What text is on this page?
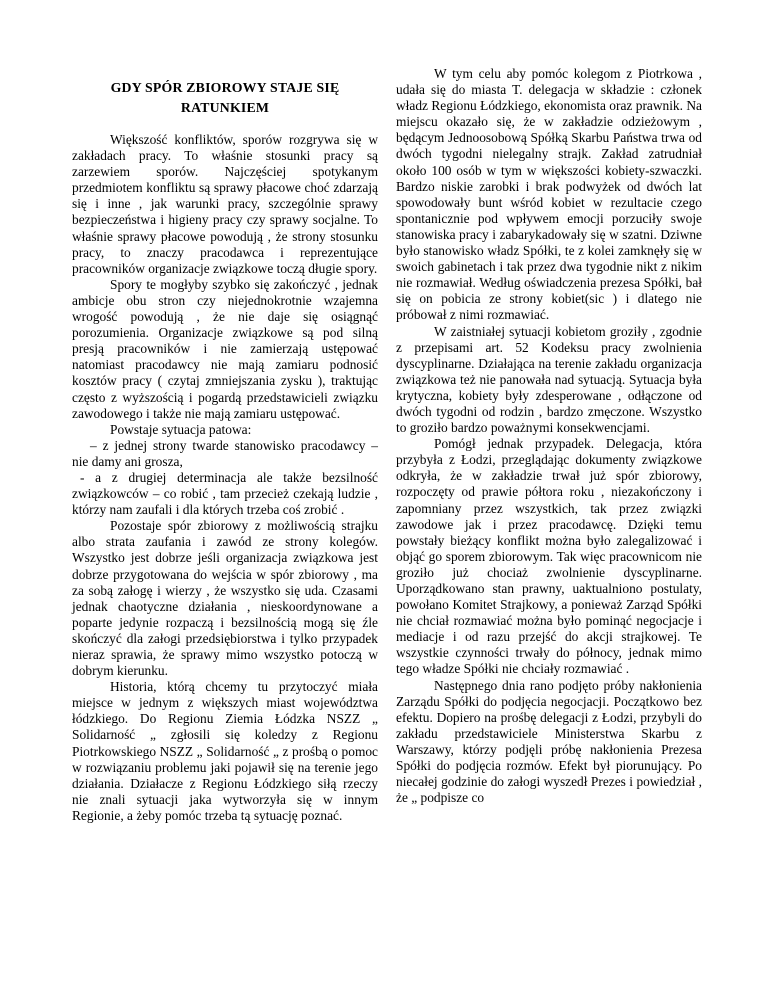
GDY SPÓR ZBIOROWY STAJE SIĘ
RATUNKIEM

Większość konfliktów, sporów rozgrywa się w zakładach pracy. To właśnie stosunki pracy są zarzewiem sporów. Najczęściej spotykanym przedmiotem konfliktu są sprawy płacowe choć zdarzają się i inne , jak warunki pracy, szczególnie sprawy bezpieczeństwa i higieny pracy czy sprawy socjalne. To właśnie sprawy płacowe powodują , że strony stosunku pracy, to znaczy pracodawca i reprezentujące pracowników organizacje związkowe toczą długie spory.

Spory te mogłyby szybko się zakończyć , jednak ambicje obu stron czy niejednokrotnie wzajemna wrogość powodują , że nie daje się osiągnąć porozumienia. Organizacje związkowe są pod silną presją pracowników i nie zamierzają ustępować natomiast pracodawcy nie mają zamiaru podnosić kosztów pracy ( czytaj zmniejszania zysku ), traktując często z wyższością i pogardą przedstawicieli związku zawodowego i także nie mają zamiaru ustępować.

Powstaje sytuacja patowa:

– z jednej strony twarde stanowisko pracodawcy – nie damy ani grosza,

- a z drugiej determinacja ale także bezsilność związkowców – co robić , tam przecież czekają ludzie , którzy nam zaufali i dla których trzeba coś zrobić .

Pozostaje spór zbiorowy z możliwością strajku albo strata zaufania i zawód ze strony kolegów. Wszystko jest dobrze jeśli organizacja związkowa jest dobrze przygotowana do wejścia w spór zbiorowy , ma za sobą załogę i wierzy , że wszystko się uda. Czasami jednak chaotyczne działania , nieskoordynowane a poparte jedynie rozpaczą i bezsilnością mogą się źle skończyć dla załogi przedsiębiorstwa i tylko przypadek nieraz sprawia, że sprawy mimo wszystko potoczą w dobrym kierunku.

Historia, którą chcemy tu przytoczyć miała miejsce w jednym z większych miast województwa łódzkiego. Do Regionu Ziemia Łódzka NSZZ „ Solidarność „ zgłosili się koledzy z Regionu Piotrkowskiego NSZZ „ Solidarność „ z prośbą o pomoc w rozwiązaniu problemu jaki pojawił się na terenie jego działania. Działacze z Regionu Łódzkiego siłą rzeczy nie znali sytuacji jaka wytworzyła się w innym Regionie, a żeby pomóc trzeba tą sytuację poznać.

W tym celu aby pomóc kolegom z Piotrkowa , udała się do miasta T. delegacja w składzie : członek władz Regionu Łódzkiego, ekonomista oraz prawnik. Na miejscu okazało się, że w zakładzie odzieżowym , będącym Jednoosobową Spółką Skarbu Państwa trwa od dwóch tygodni nielegalny strajk. Zakład zatrudniał około 100 osób w tym w większości kobiety-szwaczki. Bardzo niskie zarobki i brak podwyżek od dwóch lat spowodowały bunt wśród kobiet w rezultacie czego spontanicznie pod wpływem emocji porzuciły swoje stanowiska pracy i zabarykadowały się w szatni. Dziwne było stanowisko władz Spółki, te z kolei zamknęły się w swoich gabinetach i tak przez dwa tygodnie nikt z nikim nie rozmawiał. Według oświadczenia prezesa Spółki, bał się on pobicia ze strony kobiet(sic ) i dlatego nie próbował z nimi rozmawiać.

W zaistniałej sytuacji kobietom groziły , zgodnie z przepisami art. 52 Kodeksu pracy zwolnienia dyscyplinarne. Działająca na terenie zakładu organizacja związkowa też nie panowała nad sytuacją. Sytuacja była krytyczna, kobiety były zdesperowane , odłączone od dwóch tygodni od rodzin , bardzo zmęczone. Wszystko to groziło bardzo poważnymi konsekwencjami.

Pomógł jednak przypadek. Delegacja, która przybyła z Łodzi, przeglądając dokumenty związkowe odkryła, że w zakładzie trwał już spór zbiorowy, rozpoczęty od prawie półtora roku , niezakończony i zapomniany przez wszystkich, tak przez związki zawodowe jak i przez pracodawcę. Dzięki temu powstały bieżący konflikt można było zalegalizować i objąć go sporem zbiorowym. Tak więc pracownicom nie groziło już chociaż zwolnienie dyscyplinarne. Uporządkowano stan prawny, uaktualniono postulaty, powołano Komitet Strajkowy, a ponieważ Zarząd Spółki nie chciał rozmawiać można było pominąć negocjacje i mediacje i od razu przejść do akcji strajkowej. Te wszystkie czynności trwały do północy, jednak mimo tego władze Spółki nie chciały rozmawiać .

Następnego dnia rano podjęto próby nakłonienia Zarządu Spółki do podjęcia negocjacji. Początkowo bez efektu. Dopiero na prośbę delegacji z Łodzi, przybyli do zakładu przedstawiciele Ministerstwa Skarbu z Warszawy, którzy podjęli próbę nakłonienia Prezesa Spółki do podjęcia rozmów. Efekt był piorunujący. Po niecałej godzinie do załogi wyszedł Prezes i powiedział , że „ podpisze co
